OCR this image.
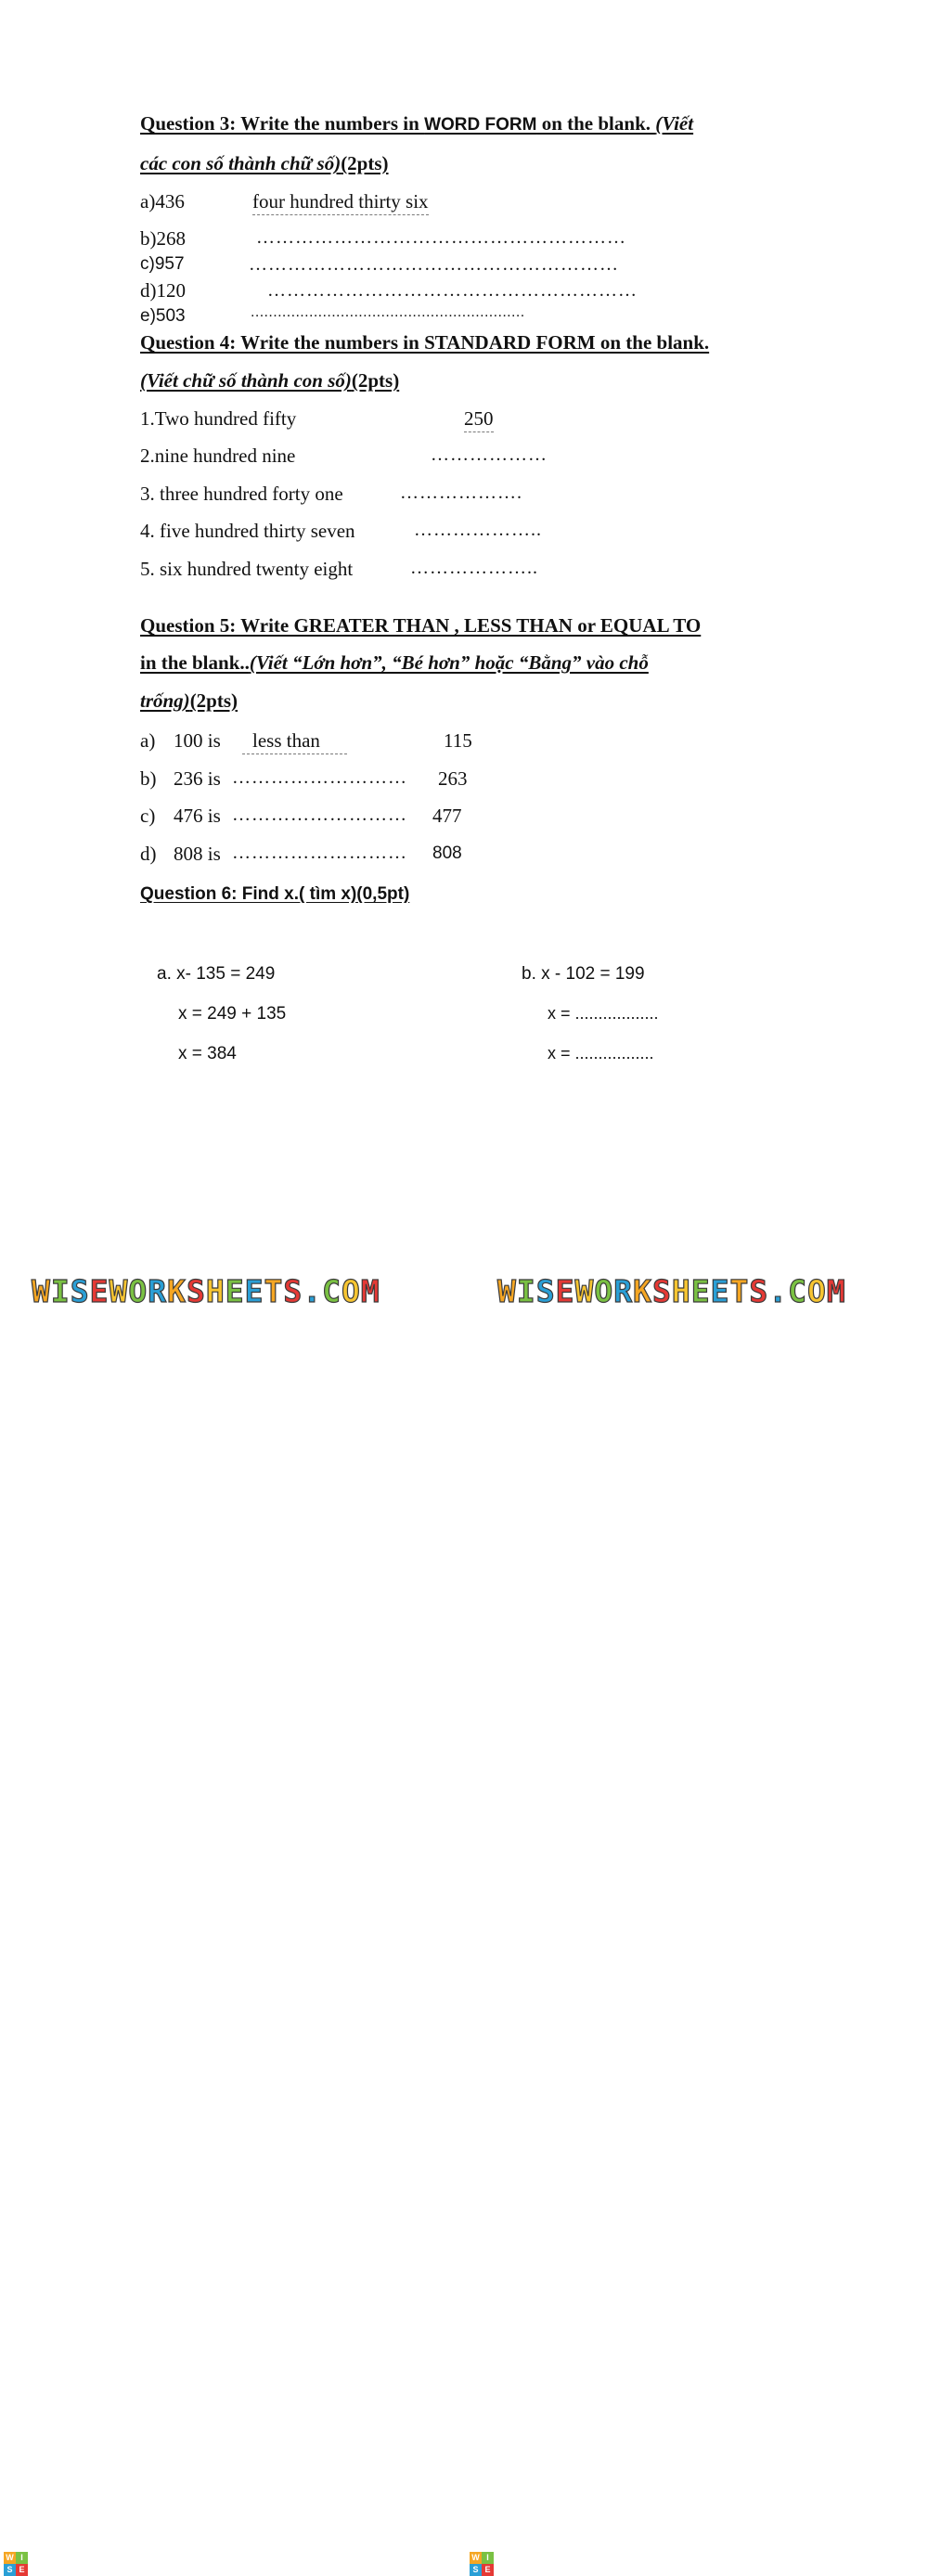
Question 3: Write the numbers in WORD FORM on the blank. (Viết
các con số thành chữ số)(2pts)
a)436	four hundred thirty six
b)268	…………………………………………………
c)957	…………………………………………………
d)120	…………………………………………………
e)503	.............................................................
Question 4: Write the numbers in STANDARD FORM on the blank.
(Viết chữ số thành con số)(2pts)
1.Two hundred fifty	250
2.nine hundred nine	………………
3. three hundred forty one	……………….
4. five hundred thirty seven	………………..
5. six hundred twenty eight	………………..
Question 5: Write GREATER THAN , LESS THAN or EQUAL TO
in the blank..(Viết “Lớn hơn”, “Bé hơn” hoặc “Bằng” vào chỗ
trống)(2pts)
a) 100 is	less than	115
b) 236 is ……………………… 263
c) 476 is ……………………… 477
d) 808 is ……………………… 808
Question 6: Find x.( tìm x)(0,5pt)
a. x- 135 = 249
x = 249 + 135
x = 384
b. x - 102 = 199
x = ..................
x = .................
W I
S E
W I
S E
WISEWORKSHEETS.COM	WISEWORKSHEETS.COM
